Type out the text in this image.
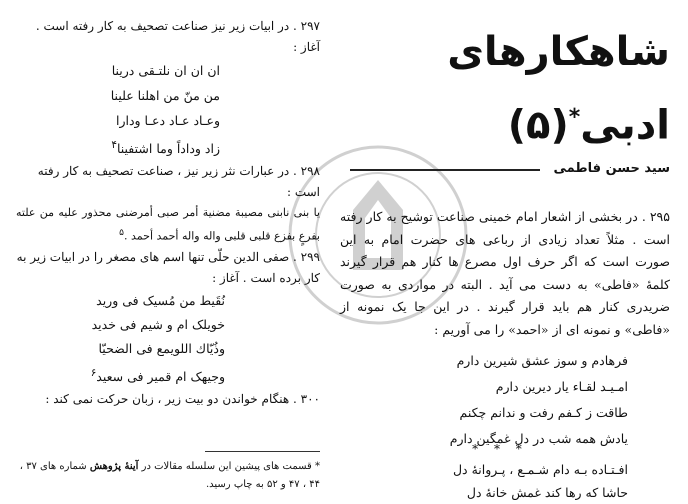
شاهکارهای
ادبی*(۵)
سید حسن فاطمی

۲۹۵ . در بخشی از اشعار امام خمینی صناعت توشیح به کار رفته است . مثلاً تعداد زیادی از رباعی های حضرت امام به این صورت است که اگر حرف اول مصرع ها کنار هم قرار گیرند کلمهٔ «فاطی» به دست می آید . البته در مواردی به صورت ضریدری کنار هم باید قرار گیرند . در این جا یک نمونه از «فاطی» و نمونه ای از «احمد» را می آوریم :

فرهادم و سوز عشق شیرین دارم
امـیـد لقـاء یار دیرین دارم
طاقت ز کـفم رفت و ندانم چکنم
یادش همه شب در دل غمگین دارم
* * *
افـتـاده بـه دام شـمـع ، پـروانهٔ دل
حاشا که رها کند غمش خانهٔ دل

۲۹۷ . در ابیات زیر نیز صناعت تصحیف به کار رفته است . آغاز :

ان ان ان نلتـقی درینا
من منّ من اهلنا علینا
وعـاد عـاد دعـا ودارا
زاد وداداً وما اشتفینا$^۴$

۲۹۸ . در عبارات نثر زیر نیز ، صناعت تصحیف به کار رفته است :

یا بنی نابنی مصیبة مضنیة أمر صبی أمرضنی محذور علیه من علته بفرعٍ بفزع قلبی قلبی واله واله أحمد أحمد .$^۵$

۲۹۹ . صفی الدین حلّی تنها اسم های مصغر را در ابیات زیر به کار برده است . آغاز :

نُقَیط من مُسیک فی ورید
خویلک ام و شیم فی خدید
وذُیّاك اللویمع فی الضحیّا
وجیهک ام قمیر فی سعید$^۶$

۳۰۰ . هنگام خواندن دو بیت زیر ، زبان حرکت نمی کند :

* قسمت های پیشین این سلسله مقالات در آینهٔ پژوهش شماره های ۳۷ ، ۴۴ ، ۴۷ و ۵۲ به چاپ رسید.
